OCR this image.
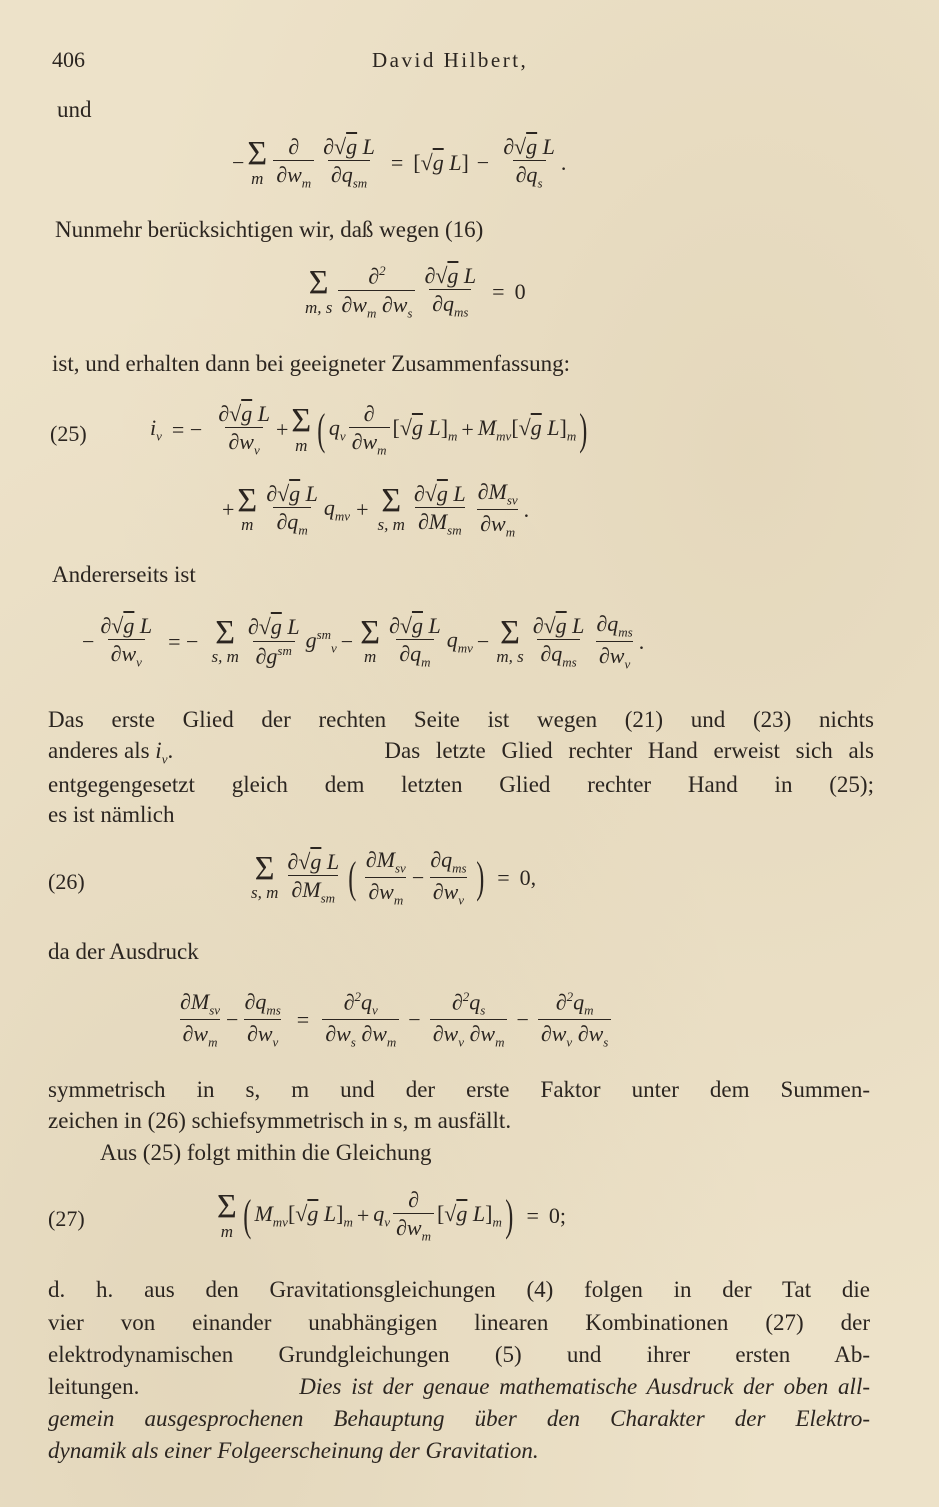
406	David Hilbert,
und
− Σ
m $\frac{\partial}{\partial w_m} \frac{\text{∂√g L}}{\partial q_{sm}} = [√g$ $L] - \frac{\text{∂√g L}}{\partial q_s}$ .
Nunmehr berücksichtigen wir, daß wegen (16)
Σ
m, s $\frac{\partial^2}{\partial w_m \partial w_s} \frac{\text{∂√g L}}{\partial q_{ms}} = 0$
ist, und erhalten dann bei geeigneter Zusammenfassung:
(25)	$i_\nu$ = − $\frac{\text{∂√g L}}{\partial w_\nu} + \Sigma$
m ( $q_\nu \frac{\partial}{\partial w_m} [√g$ $L]_m + M_{m\nu}$ [√g $L]_m$ )
+ Σ
m $\frac{\text{∂√g L}}{\partial q_m} q_{m\nu} + \Sigma$
s, m $\frac{\text{∂√g L}}{\partial M_{sm}} \frac{\partial M_{s\nu}}{\partial w_m}$ .
Andererseits ist
− $\frac{\text{∂√g L}}{\partial w_\nu}$ = − Σ
s, m $\frac{\text{∂√g L}}{\partial g^{sm}} g^{sm}_\nu - \Sigma$
m $\frac{\text{∂√g L}}{\partial q_m} q_{m\nu} - \Sigma$
m, s $\frac{\text{∂√g L}}{\partial q_{ms}} \frac{\partial q_{ms}}{\partial w_\nu}$ .
Das erste Glied der rechten Seite ist wegen (21) und (23) nichts
anderes als $i_\nu$.	Das letzte Glied rechter Hand erweist sich als
entgegengesetzt gleich dem letzten Glied rechter Hand in (25);
es ist nämlich
(26)	Σ
s, m $\frac{\text{∂√g L}}{\partial M_{sm}}$ ( $\frac{\partial M_{s\nu}}{\partial w_m} - \frac{\partial q_{ms}}{\partial w_\nu}$ ) = 0,
da der Ausdruck
$\frac{\partial M_{s\nu}}{\partial w_m} - \frac{\partial q_{ms}}{\partial w_\nu} = \frac{\partial^2q_\nu}{\partial w_s \partial w_m} - \frac{\partial^2q_s}{\partial w_\nu \partial w_m} - \frac{\partial^2q_m}{\partial w_\nu \partial w_s}$
symmetrisch in s, m und der erste Faktor unter dem Summen-
zeichen in (26) schiefsymmetrisch in s, m ausfällt.
Aus (25) folgt mithin die Gleichung
(27)	Σ
m ( $M_{m\nu}$ [√g $L]_m + q_\nu \frac{\partial}{\partial w_m} [√g$ $L]_m$ ) = 0;
d. h. aus den Gravitationsgleichungen (4) folgen in der Tat die
vier von einander unabhängigen linearen Kombinationen (27) der
elektrodynamischen Grundgleichungen (5) und ihrer ersten Ab-
leitungen.	Dies ist der genaue mathematische Ausdruck der oben all-
gemein ausgesprochenen Behauptung über den Charakter der Elektro-
dynamik als einer Folgeerscheinung der Gravitation.
